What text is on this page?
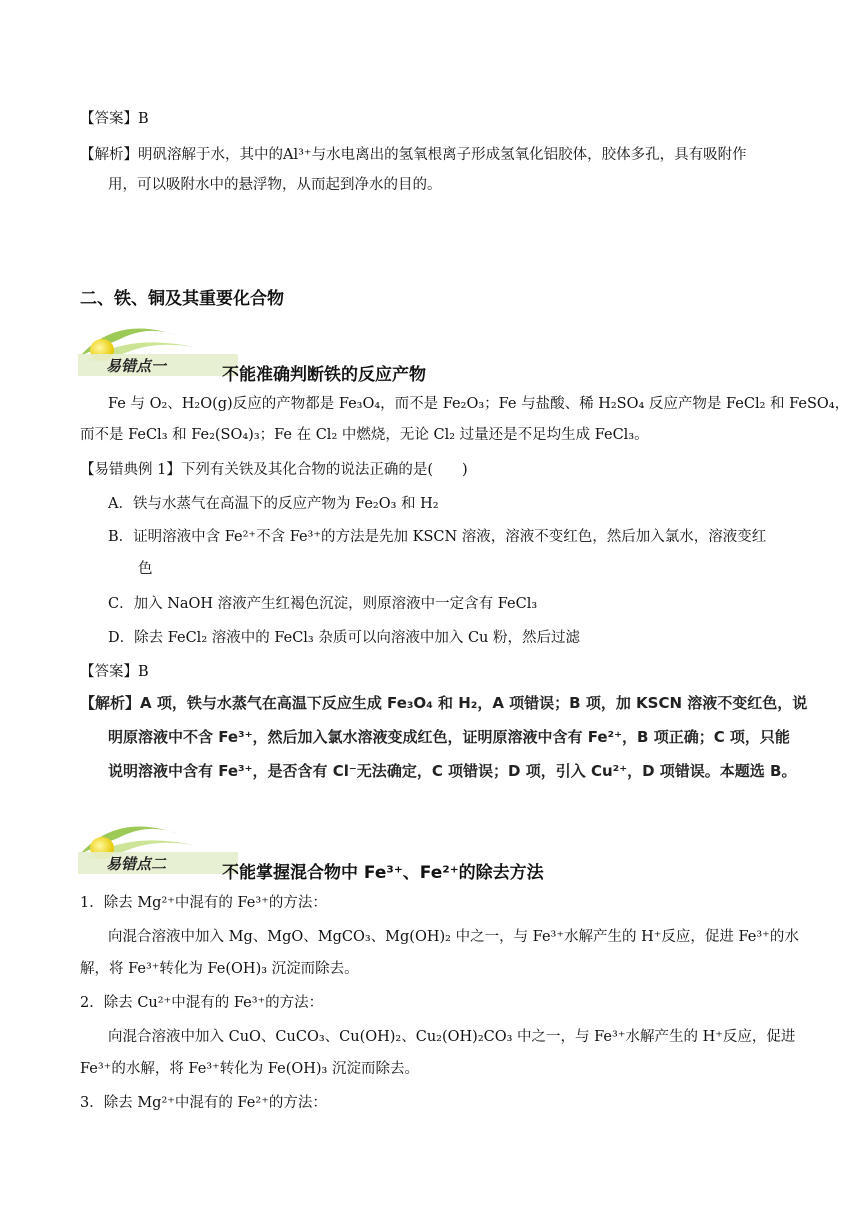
【答案】B
【解析】明矾溶解于水，其中的Al³⁺与水电离出的氢氧根离子形成氢氧化铝胶体，胶体多孔，具有吸附作
用，可以吸附水中的悬浮物，从而起到净水的目的。
二、铁、铜及其重要化合物
易错点一	不能准确判断铁的反应产物
Fe 与 O₂、H₂O(g)反应的产物都是 Fe₃O₄，而不是 Fe₂O₃；Fe 与盐酸、稀 H₂SO₄ 反应产物是 FeCl₂ 和 FeSO₄，
而不是 FeCl₃ 和 Fe₂(SO₄)₃；Fe 在 Cl₂ 中燃烧，无论 Cl₂ 过量还是不足均生成 FeCl₃。
【易错典例 1】下列有关铁及其化合物的说法正确的是(　　)
A．铁与水蒸气在高温下的反应产物为 Fe₂O₃ 和 H₂
B．证明溶液中含 Fe²⁺不含 Fe³⁺的方法是先加 KSCN 溶液，溶液不变红色，然后加入氯水，溶液变红
色
C．加入 NaOH 溶液产生红褐色沉淀，则原溶液中一定含有 FeCl₃
D．除去 FeCl₂ 溶液中的 FeCl₃ 杂质可以向溶液中加入 Cu 粉，然后过滤
【答案】B
【解析】A 项，铁与水蒸气在高温下反应生成 Fe₃O₄ 和 H₂，A 项错误；B 项，加 KSCN 溶液不变红色，说
明原溶液中不含 Fe³⁺，然后加入氯水溶液变成红色，证明原溶液中含有 Fe²⁺，B 项正确；C 项，只能
说明溶液中含有 Fe³⁺，是否含有 Cl⁻无法确定，C 项错误；D 项，引入 Cu²⁺，D 项错误。本题选 B。
易错点二	不能掌握混合物中 Fe³⁺、Fe²⁺的除去方法
1．除去 Mg²⁺中混有的 Fe³⁺的方法：
向混合溶液中加入 Mg、MgO、MgCO₃、Mg(OH)₂ 中之一，与 Fe³⁺水解产生的 H⁺反应，促进 Fe³⁺的水
解，将 Fe³⁺转化为 Fe(OH)₃ 沉淀而除去。
2．除去 Cu²⁺中混有的 Fe³⁺的方法：
向混合溶液中加入 CuO、CuCO₃、Cu(OH)₂、Cu₂(OH)₂CO₃ 中之一，与 Fe³⁺水解产生的 H⁺反应，促进
Fe³⁺的水解，将 Fe³⁺转化为 Fe(OH)₃ 沉淀而除去。
3．除去 Mg²⁺中混有的 Fe²⁺的方法：
